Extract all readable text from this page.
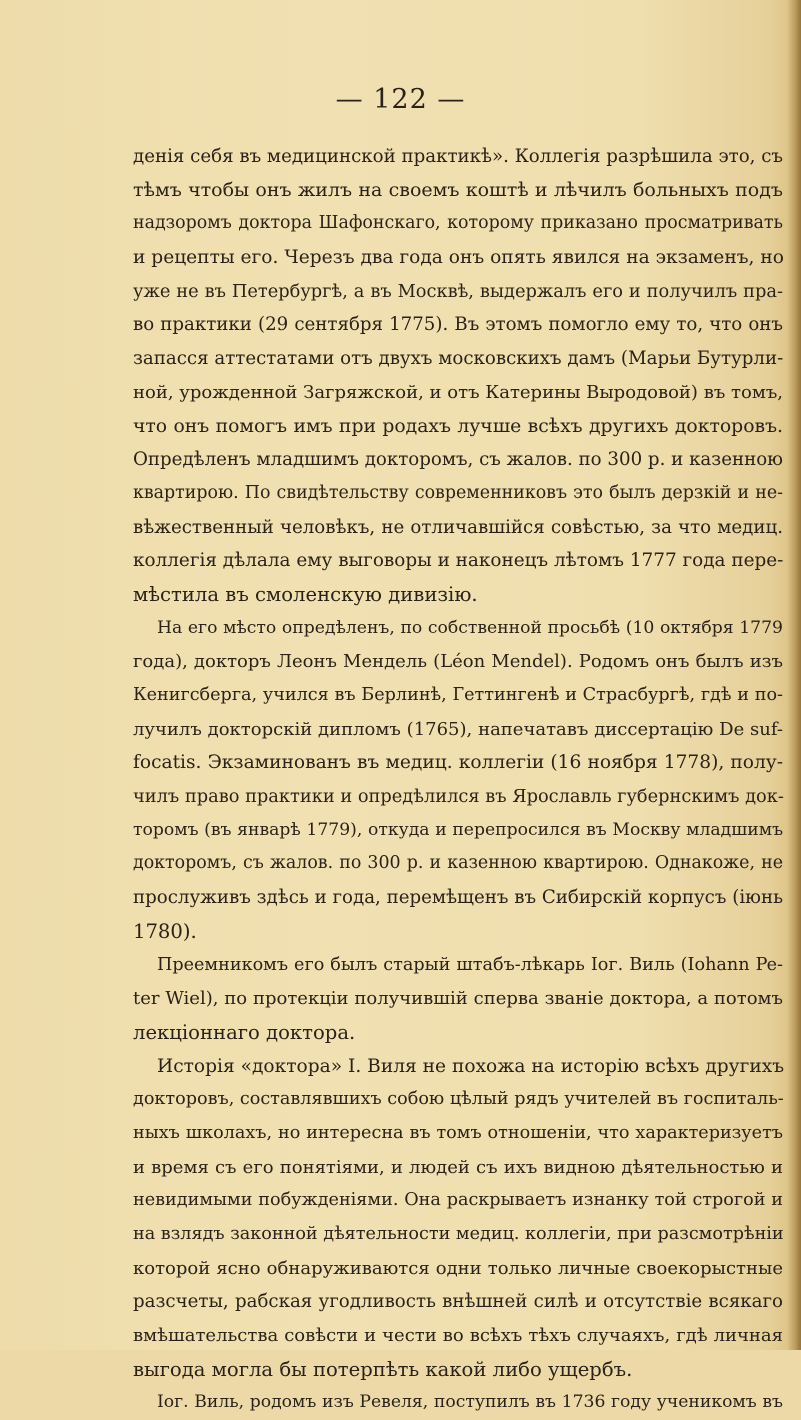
— 122 —
денія себя въ медицинской практикѣ». Коллегія разрѣшила это, съ
тѣмъ чтобы онъ жилъ на своемъ коштѣ и лѣчилъ больныхъ подъ
надзоромъ доктора Шафонскаго, которому приказано просматривать
и рецепты его. Черезъ два года онъ опять явился на экзаменъ, но
уже не въ Петербургѣ, а въ Москвѣ, выдержалъ его и получилъ пра-
во практики (29 сентября 1775). Въ этомъ помогло ему то, что онъ
запасся аттестатами отъ двухъ московскихъ дамъ (Марьи Бутурли-
ной, урожденной Загряжской, и отъ Катерины Выродовой) въ томъ,
что онъ помогъ имъ при родахъ лучше всѣхъ другихъ докторовъ.
Опредѣленъ младшимъ докторомъ, съ жалов. по 300 р. и казенною
квартирою. По свидѣтельству современниковъ это былъ дерзкій и не-
вѣжественный человѣкъ, не отличавшійся совѣстью, за что медиц.
коллегія дѣлала ему выговоры и наконецъ лѣтомъ 1777 года пере-
мѣстила въ смоленскую дивизію.
На его мѣсто опредѣленъ, по собственной просьбѣ (10 октября 1779
года), докторъ Леонъ Мендель (Léon Mendel). Родомъ онъ былъ изъ
Кенигсберга, учился въ Берлинѣ, Геттингенѣ и Страсбургѣ, гдѣ и по-
лучилъ докторскій дипломъ (1765), напечатавъ диссертацію De suf-
focatis. Экзаминованъ въ медиц. коллегіи (16 ноября 1778), полу-
чилъ право практики и опредѣлился въ Ярославль губернскимъ док-
торомъ (въ январѣ 1779), откуда и перепросился въ Москву младшимъ
докторомъ, съ жалов. по 300 р. и казенною квартирою. Однакоже, не
прослуживъ здѣсь и года, перемѣщенъ въ Сибирскій корпусъ (іюнь
1780).
Преемникомъ его былъ старый штабъ-лѣкарь Іог. Виль (Iohann Pe-
ter Wiel), по протекціи получившій сперва званіе доктора, а потомъ
лекціоннаго доктора.
Исторія «доктора» І. Виля не похожа на исторію всѣхъ другихъ
докторовъ, составлявшихъ собою цѣлый рядъ учителей въ госпиталь-
ныхъ школахъ, но интересна въ томъ отношеніи, что характеризуетъ
и время съ его понятіями, и людей съ ихъ видною дѣятельностью и
невидимыми побужденіями. Она раскрываетъ изнанку той строгой и
на взлядъ законной дѣятельности медиц. коллегіи, при разсмотрѣніи
которой ясно обнаруживаются одни только личные своекорыстные
разсчеты, рабская угодливость внѣшней силѣ и отсутствіе всякаго
вмѣшательства совѣсти и чести во всѣхъ тѣхъ случаяхъ, гдѣ личная
выгода могла бы потерпѣть какой либо ущербъ.
Іог. Виль, родомъ изъ Ревеля, поступилъ въ 1736 году ученикомъ въ
